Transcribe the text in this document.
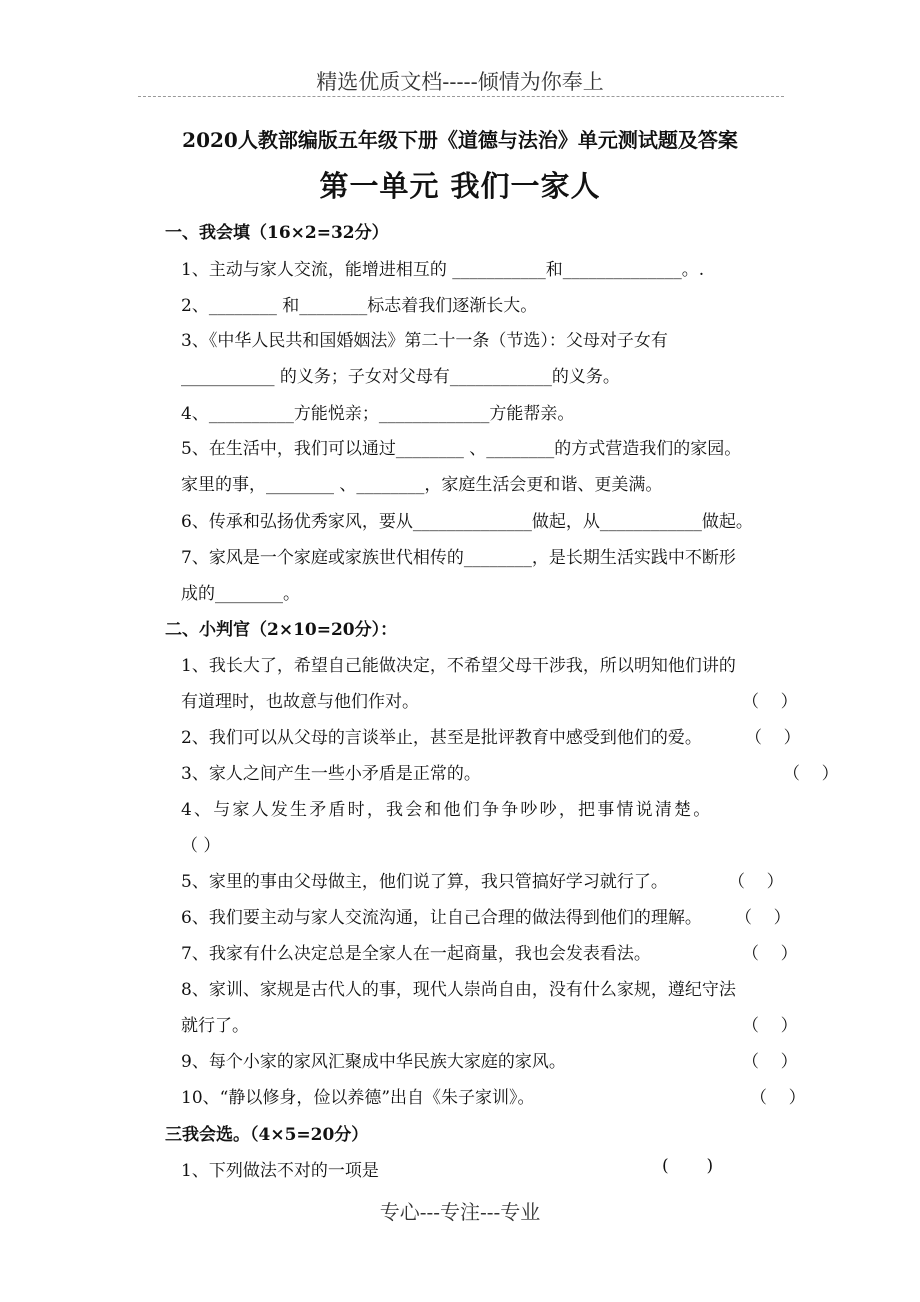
精选优质文档-----倾情为你奉上
2020人教部编版五年级下册《道德与法治》单元测试题及答案
第一单元 我们一家人
一、我会填（16×2=32分）
1、主动与家人交流，能增进相互的 ___________和______________。.
2、________ 和________标志着我们逐渐长大。
3、《中华人民共和国婚姻法》第二十一条（节选）：父母对子女有
___________ 的义务；子女对父母有____________的义务。
4、__________方能悦亲；_____________方能帮亲。
5、在生活中，我们可以通过________ 、________的方式营造我们的家园。
家里的事，________ 、________，家庭生活会更和谐、更美满。
6、传承和弘扬优秀家风，要从______________做起，从____________做起。
7、家风是一个家庭或家族世代相传的________，是长期生活实践中不断形
成的________。
二、小判官（2×10=20分）：
1、我长大了，希望自己能做决定，不希望父母干涉我，所以明知他们讲的
有道理时，也故意与他们作对。	（    ）
2、我们可以从父母的言谈举止，甚至是批评教育中感受到他们的爱。	（    ）
3、家人之间产生一些小矛盾是正常的。	（    ）
4、与家人发生矛盾时，我会和他们争争吵吵，把事情说清楚。
（ ）
5、家里的事由父母做主，他们说了算，我只管搞好学习就行了。	（    ）
6、我们要主动与家人交流沟通，让自己合理的做法得到他们的理解。 （    ）
7、我家有什么决定总是全家人在一起商量，我也会发表看法。	（    ）
8、家训、家规是古代人的事，现代人崇尚自由，没有什么家规，遵纪守法
就行了。	（    ）
9、每个小家的家风汇聚成中华民族大家庭的家风。	（    ）
10、“静以修身，俭以养德”出自《朱子家训》。	（    ）
三我会选。（4×5=20分）
1、下列做法不对的一项是	(       )
专心---专注---专业
